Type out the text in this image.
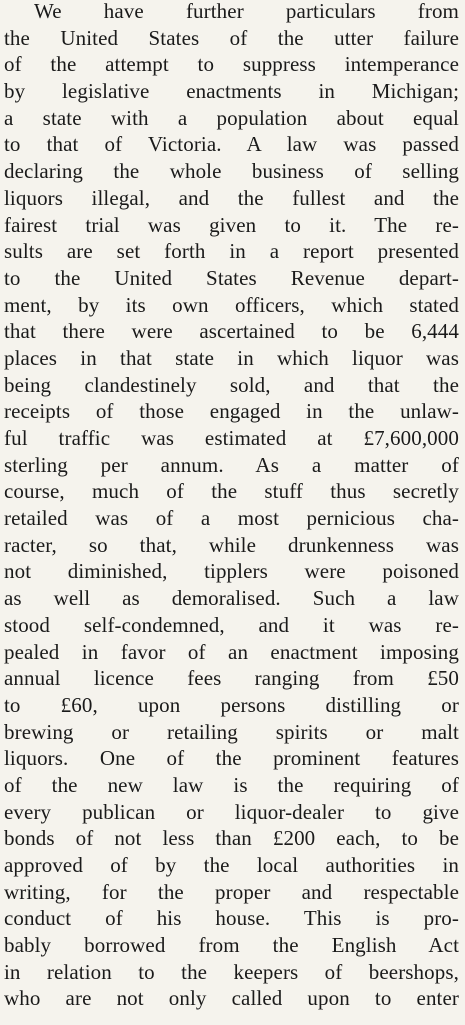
We have further particulars from
the United States of the utter failure
of the attempt to suppress intemperance
by legislative enactments in Michigan;
a state with a population about equal
to that of Victoria. A law was passed
declaring the whole business of selling
liquors illegal, and the fullest and the
fairest trial was given to it. The re-
sults are set forth in a report presented
to the United States Revenue depart-
ment, by its own officers, which stated
that there were ascertained to be 6,444
places in that state in which liquor was
being clandestinely sold, and that the
receipts of those engaged in the unlaw-
ful traffic was estimated at £7,600,000
sterling per annum. As a matter of
course, much of the stuff thus secretly
retailed was of a most pernicious cha-
racter, so that, while drunkenness was
not diminished, tipplers were poisoned
as well as demoralised. Such a law
stood self-condemned, and it was re-
pealed in favor of an enactment imposing
annual licence fees ranging from £50
to £60, upon persons distilling or
brewing or retailing spirits or malt
liquors. One of the prominent features
of the new law is the requiring of
every publican or liquor-dealer to give
bonds of not less than £200 each, to be
approved of by the local authorities in
writing, for the proper and respectable
conduct of his house. This is pro-
bably borrowed from the English Act
in relation to the keepers of beershops,
who are not only called upon to enter
